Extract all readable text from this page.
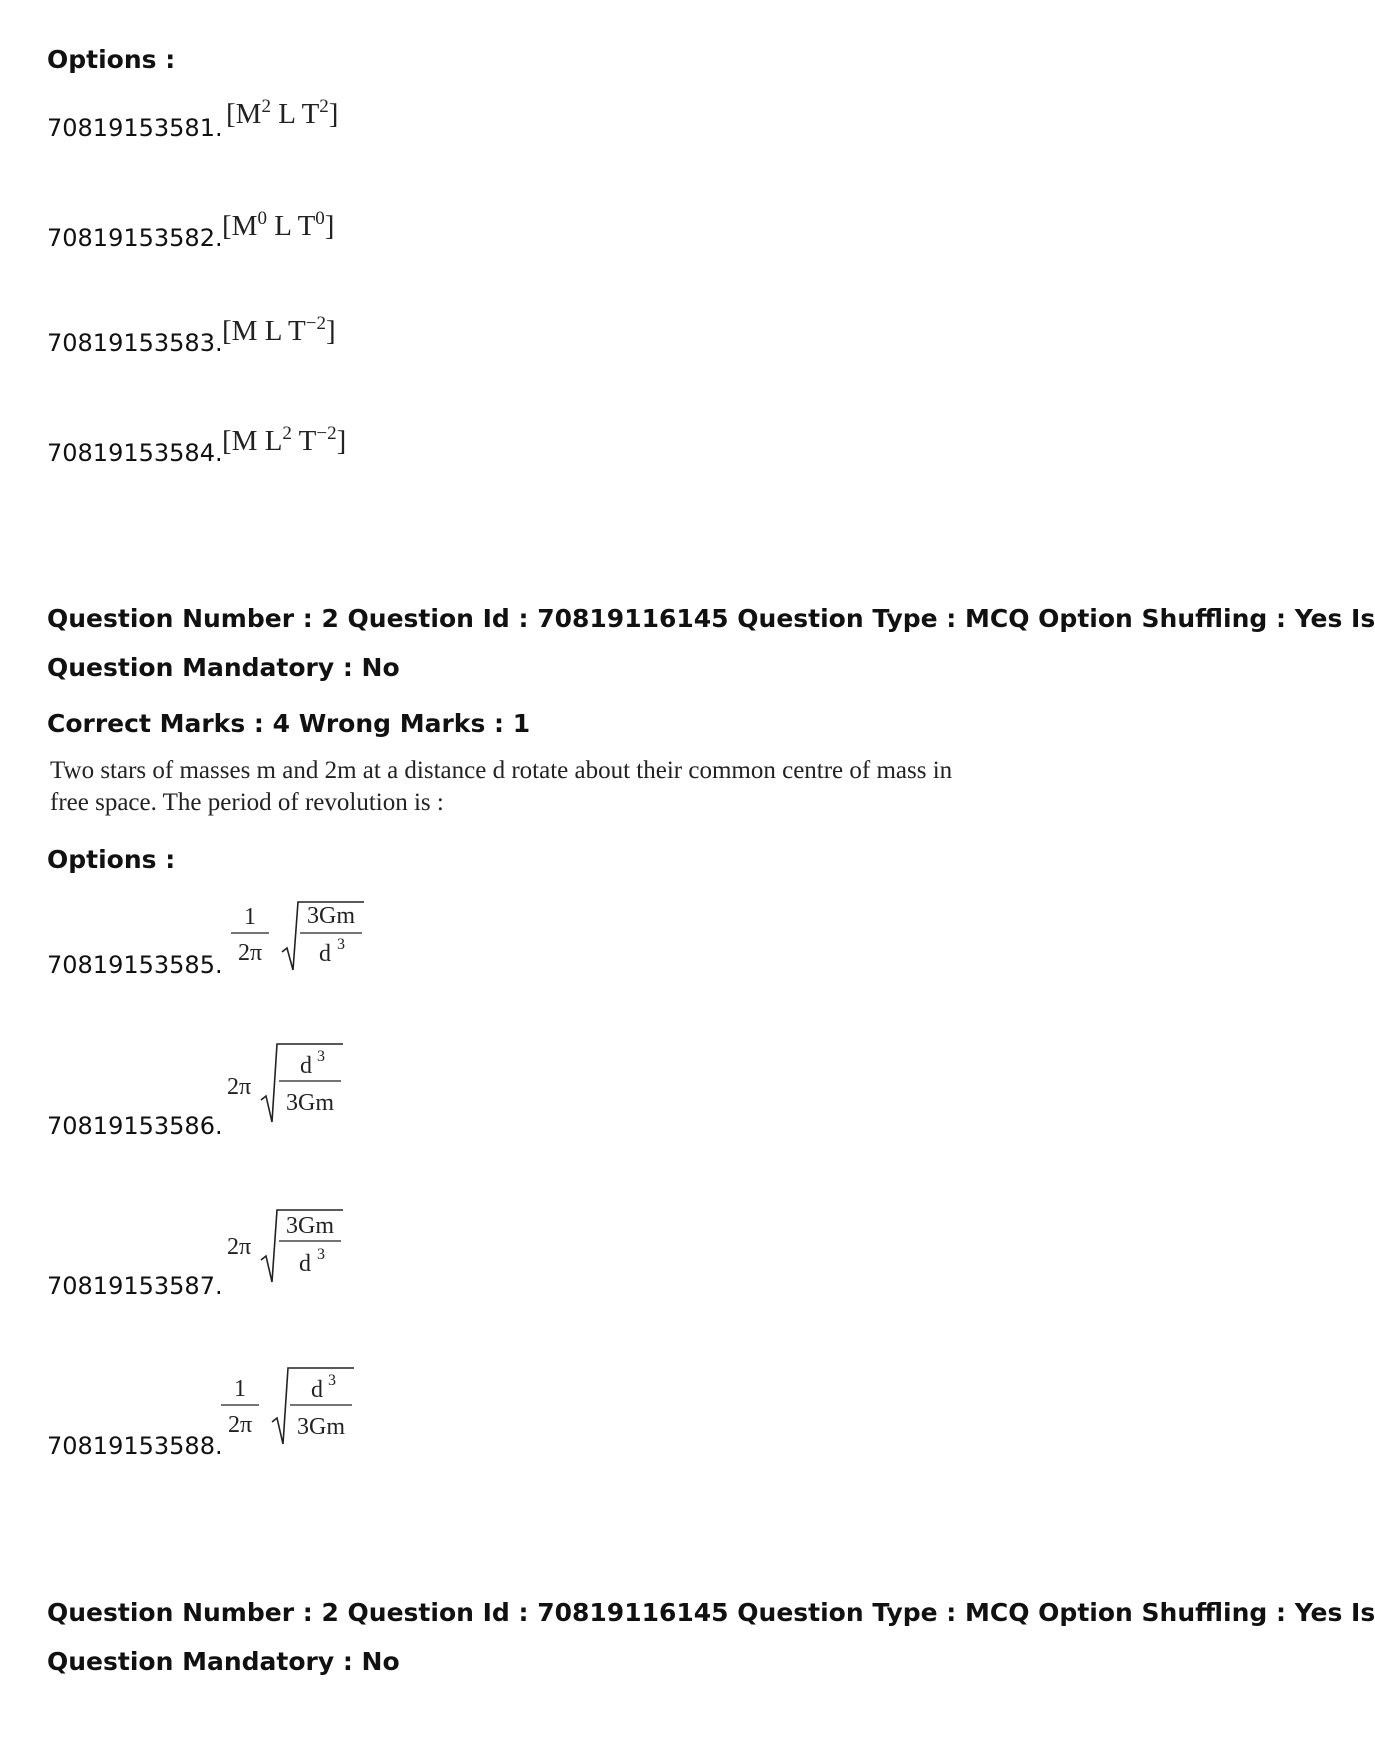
Options :
70819153581. [$M^2$ L $T^2$]
70819153582. [$M^0$ L $T^0$]
70819153583. [M L $T^{-2}$]
70819153584. [M $L^2$ $T^{-2}$]
Question Number : 2 Question Id : 70819116145 Question Type : MCQ Option Shuffling : Yes Is
Question Mandatory : No
Correct Marks : 4 Wrong Marks : 1
Two stars of masses m and 2m at a distance d rotate about their common centre of mass in
free space. The period of revolution is :
Options :
70819153585.
1
2π
3Gm
d 3
70819153586.
2π
d 3
3Gm
70819153587.
2π
3Gm
d 3
70819153588.
1
2π
d 3
3Gm
Question Number : 2 Question Id : 70819116145 Question Type : MCQ Option Shuffling : Yes Is
Question Mandatory : No
